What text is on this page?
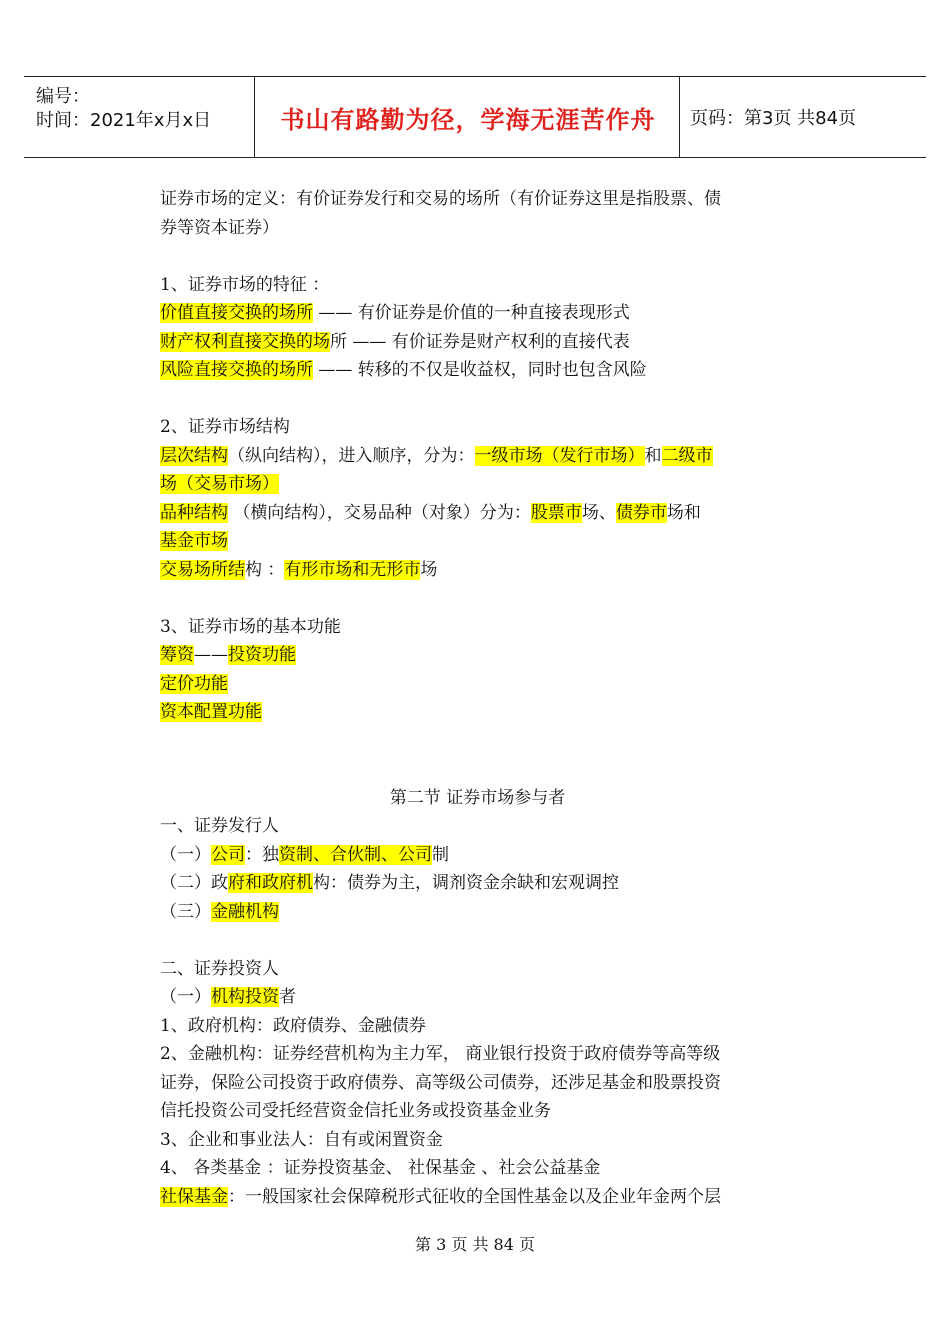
编号：
时间：2021年x月x日	书山有路勤为径，学海无涯苦作舟	页码：第3页 共84页
证券市场的定义：有价证券发行和交易的场所（有价证券这里是指股票、债
券等资本证券）
1、证券市场的特征 ：
价值直接交换的场所 —— 有价证券是价值的一种直接表现形式
财产权利直接交换的场所 —— 有价证券是财产权利的直接代表
风险直接交换的场所 —— 转移的不仅是收益权，同时也包含风险
2、证券市场结构
层次结构（纵向结构），进入顺序，分为：一级市场（发行市场）和二级市
场（交易市场）
品种结构 （横向结构），交易品种（对象）分为：股票市场、债券市场和
基金市场
交易场所结构 ：有形市场和无形市场
3、证券市场的基本功能
筹资——投资功能
定价功能
资本配置功能
第二节 证券市场参与者
一、证券发行人
（一）公司：独资制、合伙制、公司制
（二）政府和政府机构：债券为主，调剂资金余缺和宏观调控
（三）金融机构
二、证券投资人
（一）机构投资者
1、政府机构：政府债券、金融债券
2、金融机构：证券经营机构为主力军， 商业银行投资于政府债券等高等级
证券，保险公司投资于政府债券、高等级公司债券，还涉足基金和股票投资
信托投资公司受托经营资金信托业务或投资基金业务
3、企业和事业法人：自有或闲置资金
4、 各类基金 ：证券投资基金、 社保基金 、社会公益基金
社保基金：一般国家社会保障税形式征收的全国性基金以及企业年金两个层
第 3 页 共 84 页
